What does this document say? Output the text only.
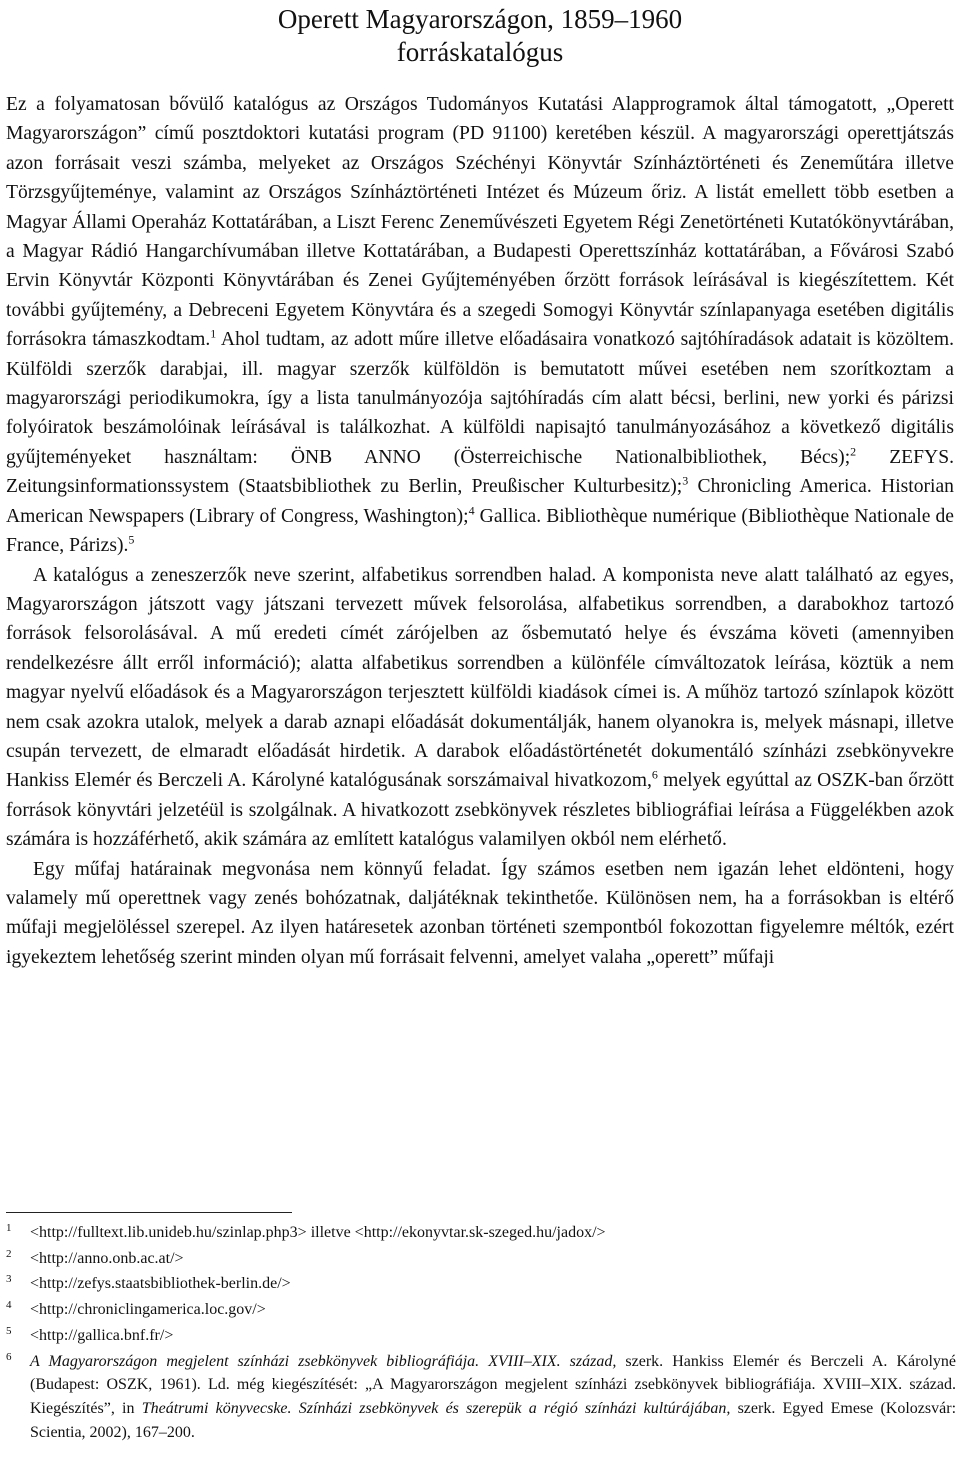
Operett Magyarországon, 1859–1960
forráskatalógus

Ez a folyamatosan bővülő katalógus az Országos Tudományos Kutatási Alapprogramok által támogatott, „Operett Magyarországon” című posztdoktori kutatási program (PD 91100) keretében készül. A magyarországi operettjátszás azon forrásait veszi számba, melyeket az Országos Széchényi Könyvtár Színháztörténeti és Zeneműtára illetve Törzsgyűjteménye, valamint az Országos Színháztörténeti Intézet és Múzeum őriz. A listát emellett több esetben a Magyar Állami Operaház Kottatárában, a Liszt Ferenc Zeneművészeti Egyetem Régi Zenetörténeti Kutatókönyvtárában, a Magyar Rádió Hangarchívumában illetve Kottatárában, a Budapesti Operettszínház kottatárában, a Fővárosi Szabó Ervin Könyvtár Központi Könyvtárában és Zenei Gyűjteményében őrzött források leírásával is kiegészítettem. Két további gyűjtemény, a Debreceni Egyetem Könyvtára és a szegedi Somogyi Könyvtár színlapanyaga esetében digitális forrásokra támaszkodtam.$^1$ Ahol tudtam, az adott műre illetve előadásaira vonatkozó sajtóhíradások adatait is közöltem. Külföldi szerzők darabjai, ill. magyar szerzők külföldön is bemutatott művei esetében nem szorítkoztam a magyarországi periodikumokra, így a lista tanulmányozója sajtóhíradás cím alatt bécsi, berlini, new yorki és párizsi folyóiratok beszámolóinak leírásával is találkozhat. A külföldi napisajtó tanulmányozásához a következő digitális gyűjteményeket használtam: ÖNB ANNO (Österreichische Nationalbibliothek, Bécs);$^2$ ZEFYS. Zeitungsinformationssystem (Staatsbibliothek zu Berlin, Preußischer Kulturbesitz);$^3$ Chronicling America. Historian American Newspapers (Library of Congress, Washington);$^4$ Gallica. Bibliothèque numérique (Bibliothèque Nationale de France, Párizs).$^5$

A katalógus a zeneszerzők neve szerint, alfabetikus sorrendben halad. A komponista neve alatt található az egyes, Magyarországon játszott vagy játszani tervezett művek felsorolása, alfabetikus sorrendben, a darabokhoz tartozó források felsorolásával. A mű eredeti címét zárójelben az ősbemutató helye és évszáma követi (amennyiben rendelkezésre állt erről információ); alatta alfabetikus sorrendben a különféle címváltozatok leírása, köztük a nem magyar nyelvű előadások és a Magyarországon terjesztett külföldi kiadások címei is. A műhöz tartozó színlapok között nem csak azokra utalok, melyek a darab aznapi előadását dokumentálják, hanem olyanokra is, melyek másnapi, illetve csupán tervezett, de elmaradt előadását hirdetik. A darabok előadástörténetét dokumentáló színházi zsebkönyvekre Hankiss Elemér és Berczeli A. Károlyné katalógusának sorszámaival hivatkozom,$^6$ melyek egyúttal az OSZK-ban őrzött források könyvtári jelzetéül is szolgálnak. A hivatkozott zsebkönyvek részletes bibliográfiai leírása a Függelékben azok számára is hozzáférhető, akik számára az említett katalógus valamilyen okból nem elérhető.

Egy műfaj határainak megvonása nem könnyű feladat. Így számos esetben nem igazán lehet eldönteni, hogy valamely mű operettnek vagy zenés bohózatnak, daljátéknak tekinthetőe. Különösen nem, ha a forrásokban is eltérő műfaji megjelöléssel szerepel. Az ilyen határesetek azonban történeti szempontból fokozottan figyelemre méltók, ezért igyekeztem lehetőség szerint minden olyan mű forrásait felvenni, amelyet valaha „operett” műfaji

$^1$	<http://fulltext.lib.unideb.hu/szinlap.php3> illetve <http://ekonyvtar.sk-szeged.hu/jadox/>
$^2$	<http://anno.onb.ac.at/>
$^3$	<http://zefys.staatsbibliothek-berlin.de/>
$^4$	<http://chroniclingamerica.loc.gov/>
$^5$	<http://gallica.bnf.fr/>
$^6$	A Magyarországon megjelent színházi zsebkönyvek bibliográfiája. XVIII–XIX. század, szerk. Hankiss Elemér és Berczeli A. Károlyné (Budapest: OSZK, 1961). Ld. még kiegészítését: „A Magyarországon megjelent színházi zsebkönyvek bibliográfiája. XVIII–XIX. század. Kiegészítés”, in Theátrumi könyvecske. Színházi zsebkönyvek és szerepük a régió színházi kultúrájában, szerk. Egyed Emese (Kolozsvár: Scientia, 2002), 167–200.
